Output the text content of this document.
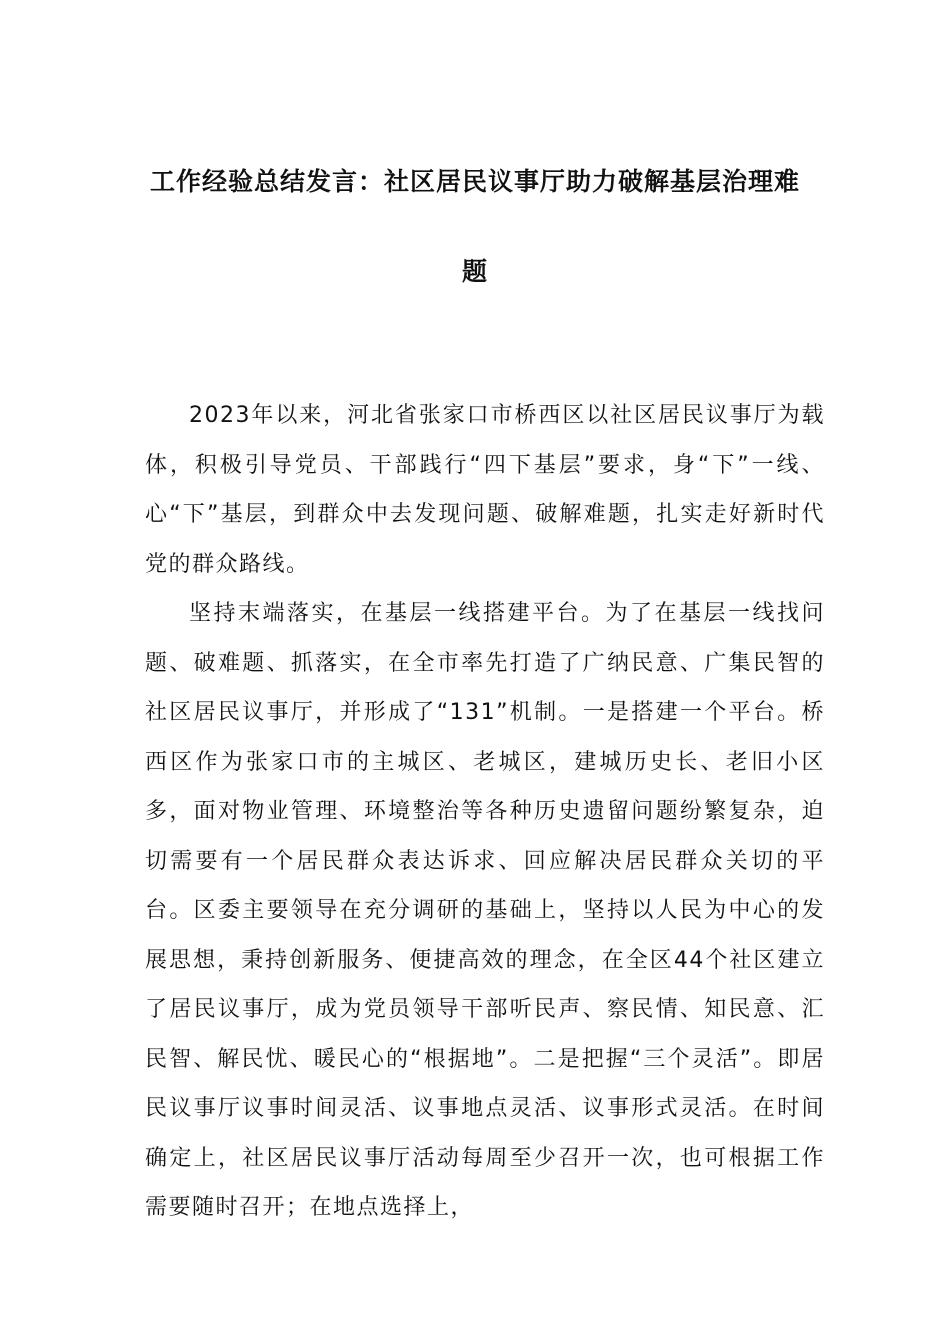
工作经验总结发言：社区居民议事厅助力破解基层治理难
题

2023年以来，河北省张家口市桥西区以社区居民议事厅为载体，积极引导党员、干部践行“四下基层”要求，身“下”一线、心“下”基层，到群众中去发现问题、破解难题，扎实走好新时代党的群众路线。

坚持末端落实，在基层一线搭建平台。为了在基层一线找问题、破难题、抓落实，在全市率先打造了广纳民意、广集民智的社区居民议事厅，并形成了“131”机制。一是搭建一个平台。桥西区作为张家口市的主城区、老城区，建城历史长、老旧小区多，面对物业管理、环境整治等各种历史遗留问题纷繁复杂，迫切需要有一个居民群众表达诉求、回应解决居民群众关切的平台。区委主要领导在充分调研的基础上，坚持以人民为中心的发展思想，秉持创新服务、便捷高效的理念，在全区44个社区建立了居民议事厅，成为党员领导干部听民声、察民情、知民意、汇民智、解民忧、暖民心的“根据地”。二是把握“三个灵活”。即居民议事厅议事时间灵活、议事地点灵活、议事形式灵活。在时间确定上，社区居民议事厅活动每周至少召开一次，也可根据工作需要随时召开；在地点选择上，
